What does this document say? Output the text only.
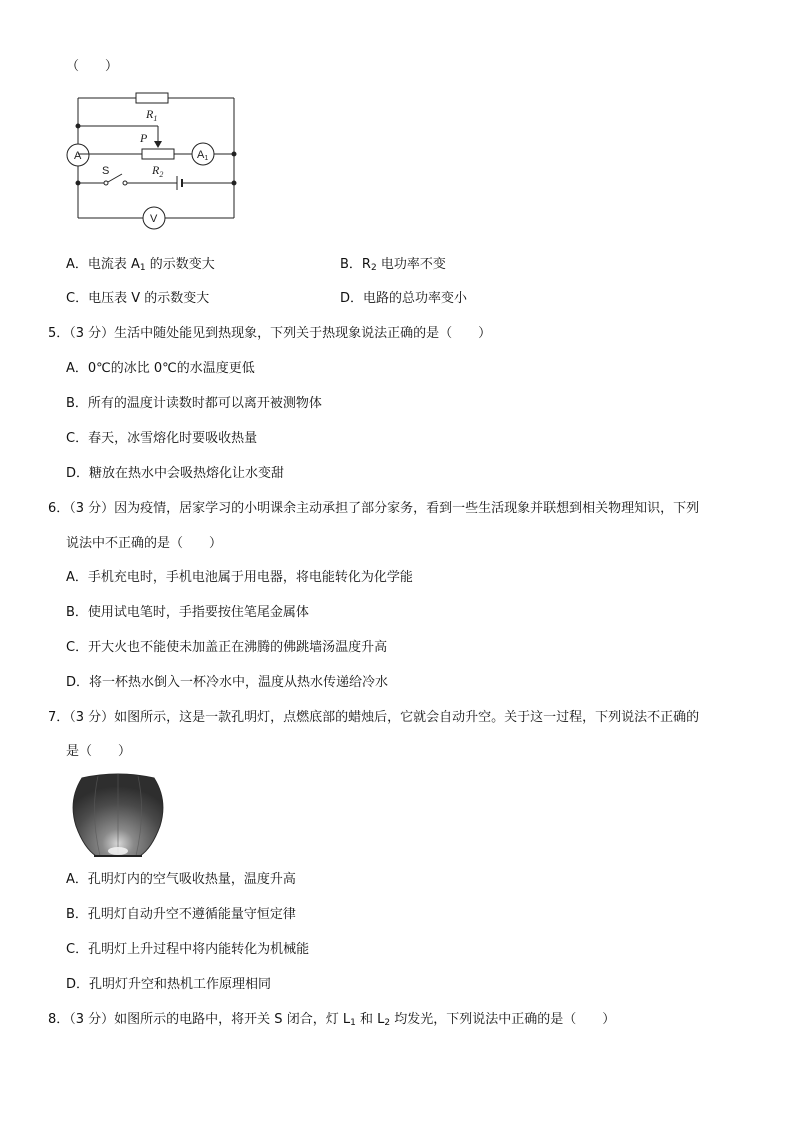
（　　）
$R_1$
P
$R_2$
A1
A
S
V
A．电流表 $A_1$ 的示数变大	B．$R_2$ 电功率不变
C．电压表 V 的示数变大	D．电路的总功率变小
5．（3 分）生活中随处能见到热现象，下列关于热现象说法正确的是（　　）
A．0℃的冰比 0℃的水温度更低
B．所有的温度计读数时都可以离开被测物体
C．春天，冰雪熔化时要吸收热量
D．糖放在热水中会吸热熔化让水变甜
6．（3 分）因为疫情，居家学习的小明课余主动承担了部分家务，看到一些生活现象并联想到相关物理知识，下列
说法中不正确的是（　　）
A．手机充电时，手机电池属于用电器，将电能转化为化学能
B．使用试电笔时，手指要按住笔尾金属体
C．开大火也不能使未加盖正在沸腾的佛跳墙汤温度升高
D．将一杯热水倒入一杯冷水中，温度从热水传递给冷水
7．（3 分）如图所示，这是一款孔明灯，点燃底部的蜡烛后，它就会自动升空。关于这一过程，下列说法不正确的
是（　　）
A．孔明灯内的空气吸收热量，温度升高
B．孔明灯自动升空不遵循能量守恒定律
C．孔明灯上升过程中将内能转化为机械能
D．孔明灯升空和热机工作原理相同
8．（3 分）如图所示的电路中，将开关 S 闭合，灯 $L_1$ 和 $L_2$ 均发光，下列说法中正确的是（　　）
